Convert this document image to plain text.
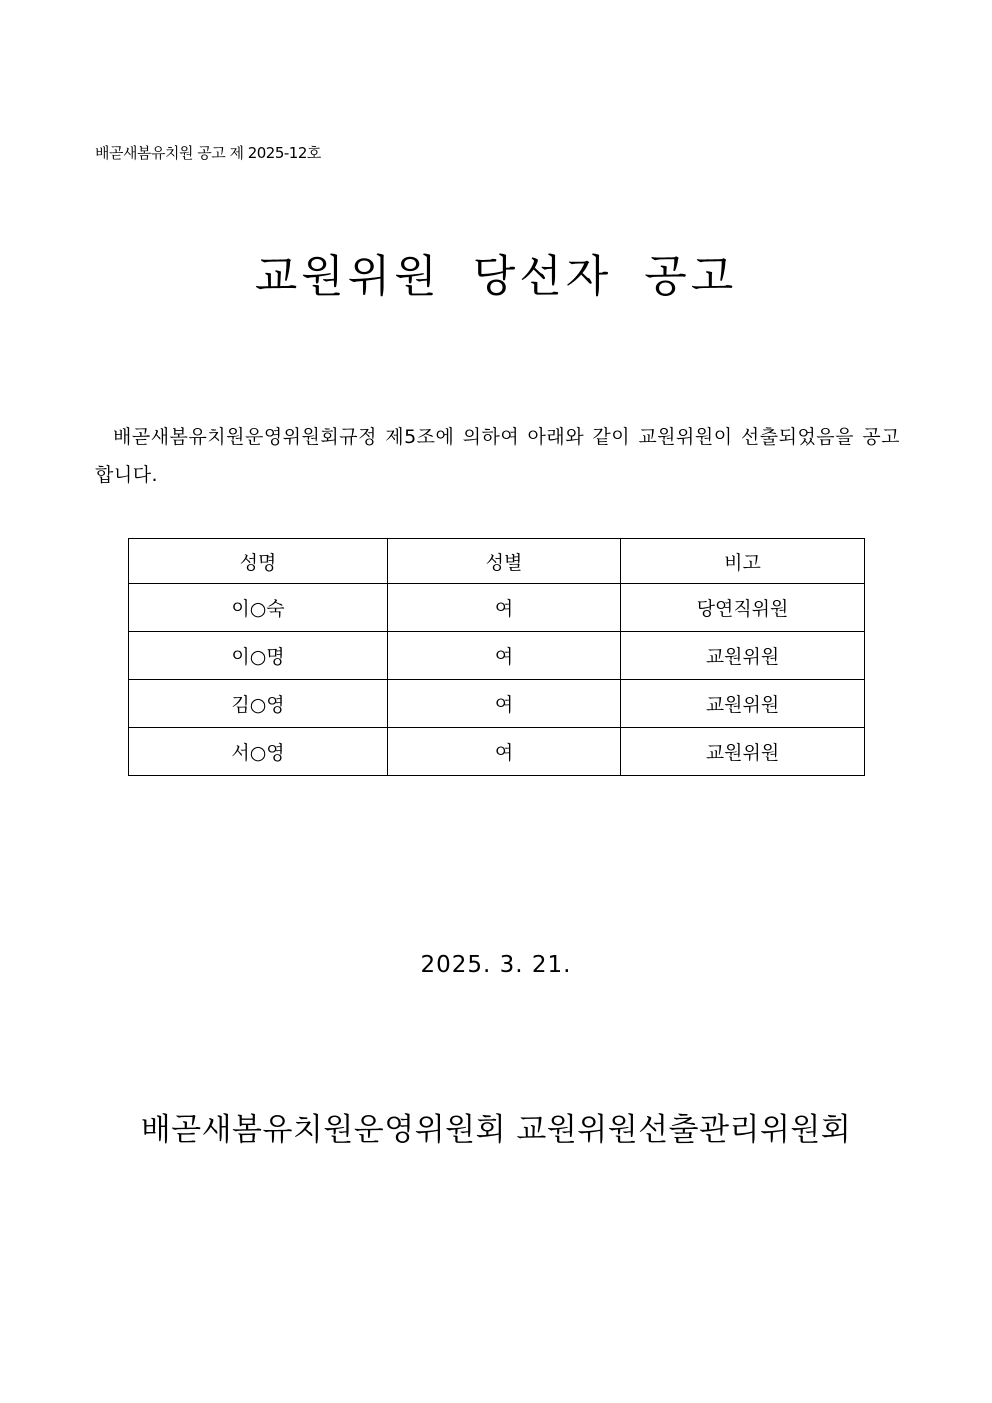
배곧새봄유치원 공고 제 2025-12호
교원위원 당선자 공고
배곧새봄유치원운영위원회규정 제5조에 의하여 아래와 같이 교원위원이 선출되었음을 공고합니다.
성명	성별	비고
이○숙	여	당연직위원
이○명	여	교원위원
김○영	여	교원위원
서○영	여	교원위원
2025. 3. 21.
배곧새봄유치원운영위원회 교원위원선출관리위원회
